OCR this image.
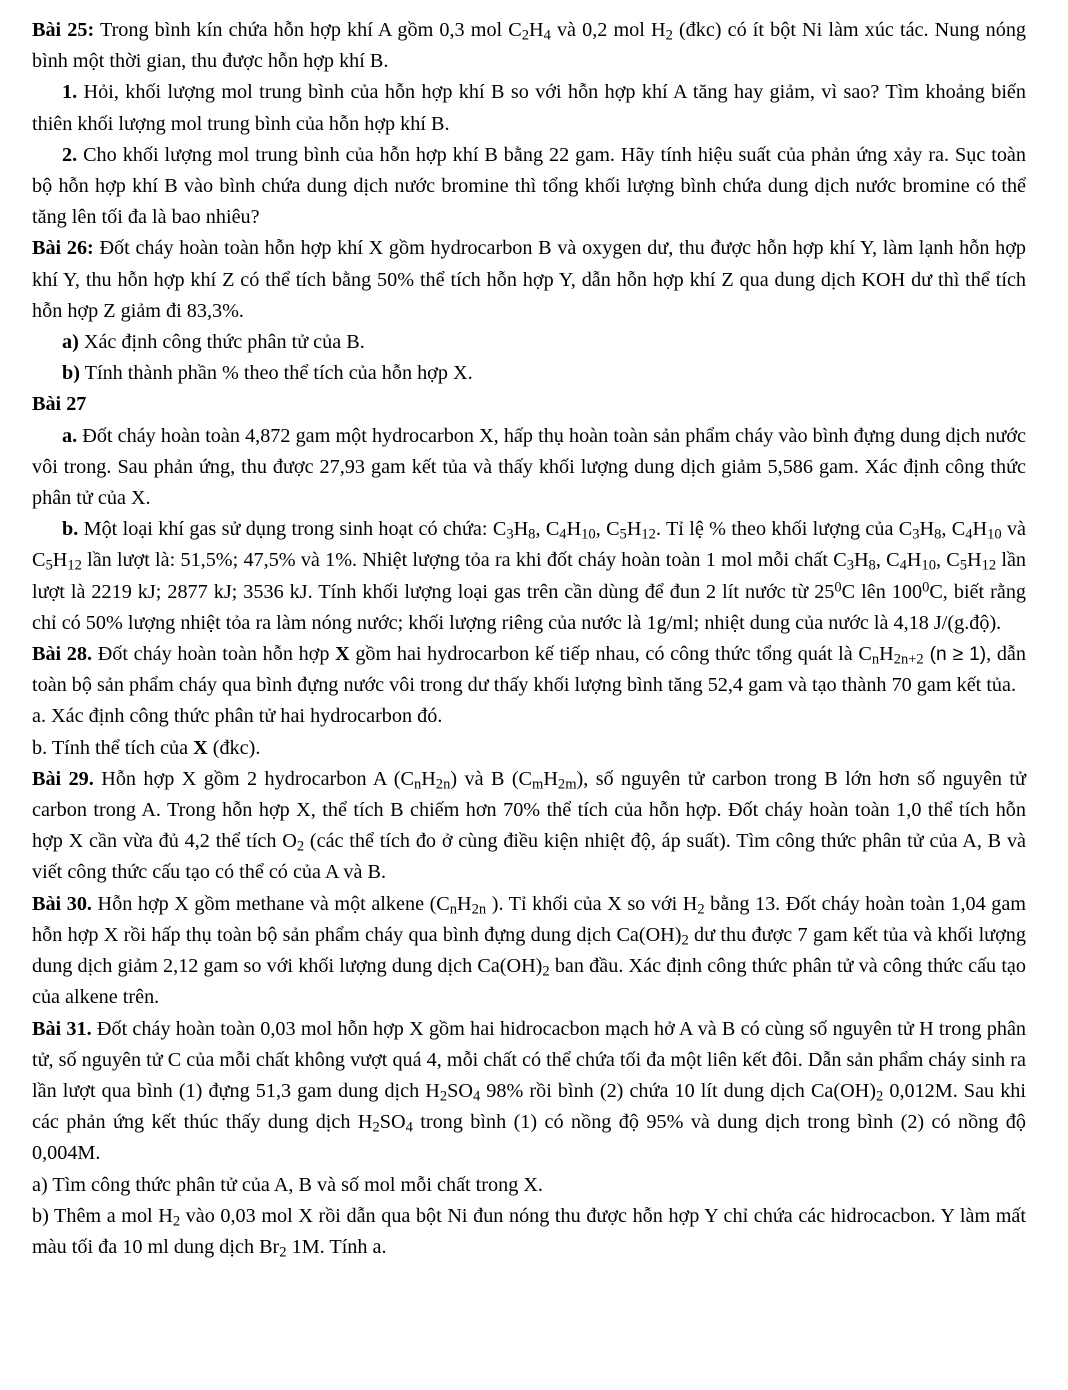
Bài 25: Trong bình kín chứa hỗn hợp khí A gồm 0,3 mol $C_2H_4$ và 0,2 mol $H_2$ (đkc) có ít bột Ni làm xúc tác. Nung nóng bình một thời gian, thu được hỗn hợp khí B.

1. Hỏi, khối lượng mol trung bình của hỗn hợp khí B so với hỗn hợp khí A tăng hay giảm, vì sao? Tìm khoảng biến thiên khối lượng mol trung bình của hỗn hợp khí B.

2. Cho khối lượng mol trung bình của hỗn hợp khí B bằng 22 gam. Hãy tính hiệu suất của phản ứng xảy ra. Sục toàn bộ hỗn hợp khí B vào bình chứa dung dịch nước bromine thì tổng khối lượng bình chứa dung dịch nước bromine có thể tăng lên tối đa là bao nhiêu?

Bài 26: Đốt cháy hoàn toàn hỗn hợp khí X gồm hydrocarbon B và oxygen dư, thu được hỗn hợp khí Y, làm lạnh hỗn hợp khí Y, thu hỗn hợp khí Z có thể tích bằng 50% thể tích hỗn hợp Y, dẫn hỗn hợp khí Z qua dung dịch KOH dư thì thể tích hỗn hợp Z giảm đi 83,3%.

a) Xác định công thức phân tử của B.

b) Tính thành phần % theo thể tích của hỗn hợp X.

Bài 27

a. Đốt cháy hoàn toàn 4,872 gam một hydrocarbon X, hấp thụ hoàn toàn sản phẩm cháy vào bình đựng dung dịch nước vôi trong. Sau phản ứng, thu được 27,93 gam kết tủa và thấy khối lượng dung dịch giảm 5,586 gam. Xác định công thức phân tử của X.

b. Một loại khí gas sử dụng trong sinh hoạt có chứa: $C_3H_8$, $C_4H_{10}$, $C_5H_{12}$. Tỉ lệ % theo khối lượng của $C_3H_8$, $C_4H_{10}$ và $C_5H_{12}$ lần lượt là: 51,5%; 47,5% và 1%. Nhiệt lượng tỏa ra khi đốt cháy hoàn toàn 1 mol mỗi chất $C_3H_8$, $C_4H_{10}$, $C_5H_{12}$ lần lượt là 2219 kJ; 2877 kJ; 3536 kJ. Tính khối lượng loại gas trên cần dùng để đun 2 lít nước từ $25^0C$ lên $100^0C$, biết rằng chỉ có 50% lượng nhiệt tỏa ra làm nóng nước; khối lượng riêng của nước là 1g/ml; nhiệt dung của nước là 4,18 J/(g.độ).

Bài 28. Đốt cháy hoàn toàn hỗn hợp X gồm hai hydrocarbon kế tiếp nhau, có công thức tổng quát là $C_nH_{2n+2}$ (n ≥ 1), dẫn toàn bộ sản phẩm cháy qua bình đựng nước vôi trong dư thấy khối lượng bình tăng 52,4 gam và tạo thành 70 gam kết tủa.

a. Xác định công thức phân tử hai hydrocarbon đó.

b. Tính thể tích của X (đkc).

Bài 29. Hỗn hợp X gồm 2 hydrocarbon A $(C_nH_{2n})$ và B $(C_mH_{2m})$, số nguyên tử carbon trong B lớn hơn số nguyên tử carbon trong A. Trong hỗn hợp X, thể tích B chiếm hơn 70% thể tích của hỗn hợp. Đốt cháy hoàn toàn 1,0 thể tích hỗn hợp X cần vừa đủ 4,2 thể tích $O_2$ (các thể tích đo ở cùng điều kiện nhiệt độ, áp suất). Tìm công thức phân tử của A, B và viết công thức cấu tạo có thể có của A và B.

Bài 30. Hỗn hợp X gồm methane và một alkene ($C_nH_{2n}$ ). Tỉ khối của X so với $H_2$ bằng 13. Đốt cháy hoàn toàn 1,04 gam hỗn hợp X rồi hấp thụ toàn bộ sản phẩm cháy qua bình đựng dung dịch $Ca(OH)_2$ dư thu được 7 gam kết tủa và khối lượng dung dịch giảm 2,12 gam so với khối lượng dung dịch $Ca(OH)_2$ ban đầu. Xác định công thức phân tử và công thức cấu tạo của alkene trên.

Bài 31. Đốt cháy hoàn toàn 0,03 mol hỗn hợp X gồm hai hidrocacbon mạch hở A và B có cùng số nguyên tử H trong phân tử, số nguyên tử C của mỗi chất không vượt quá 4, mỗi chất có thể chứa tối đa một liên kết đôi. Dẫn sản phẩm cháy sinh ra lần lượt qua bình (1) đựng 51,3 gam dung dịch $H_2SO_4$ 98% rồi bình (2) chứa 10 lít dung dịch $Ca(OH)_2$ 0,012M. Sau khi các phản ứng kết thúc thấy dung dịch $H_2SO_4$ trong bình (1) có nồng độ 95% và dung dịch trong bình (2) có nồng độ 0,004M.

a) Tìm công thức phân tử của A, B và số mol mỗi chất trong X.

b) Thêm a mol $H_2$ vào 0,03 mol X rồi dẫn qua bột Ni đun nóng thu được hỗn hợp Y chỉ chứa các hidrocacbon. Y làm mất màu tối đa 10 ml dung dịch $Br_2$ 1M. Tính a.
